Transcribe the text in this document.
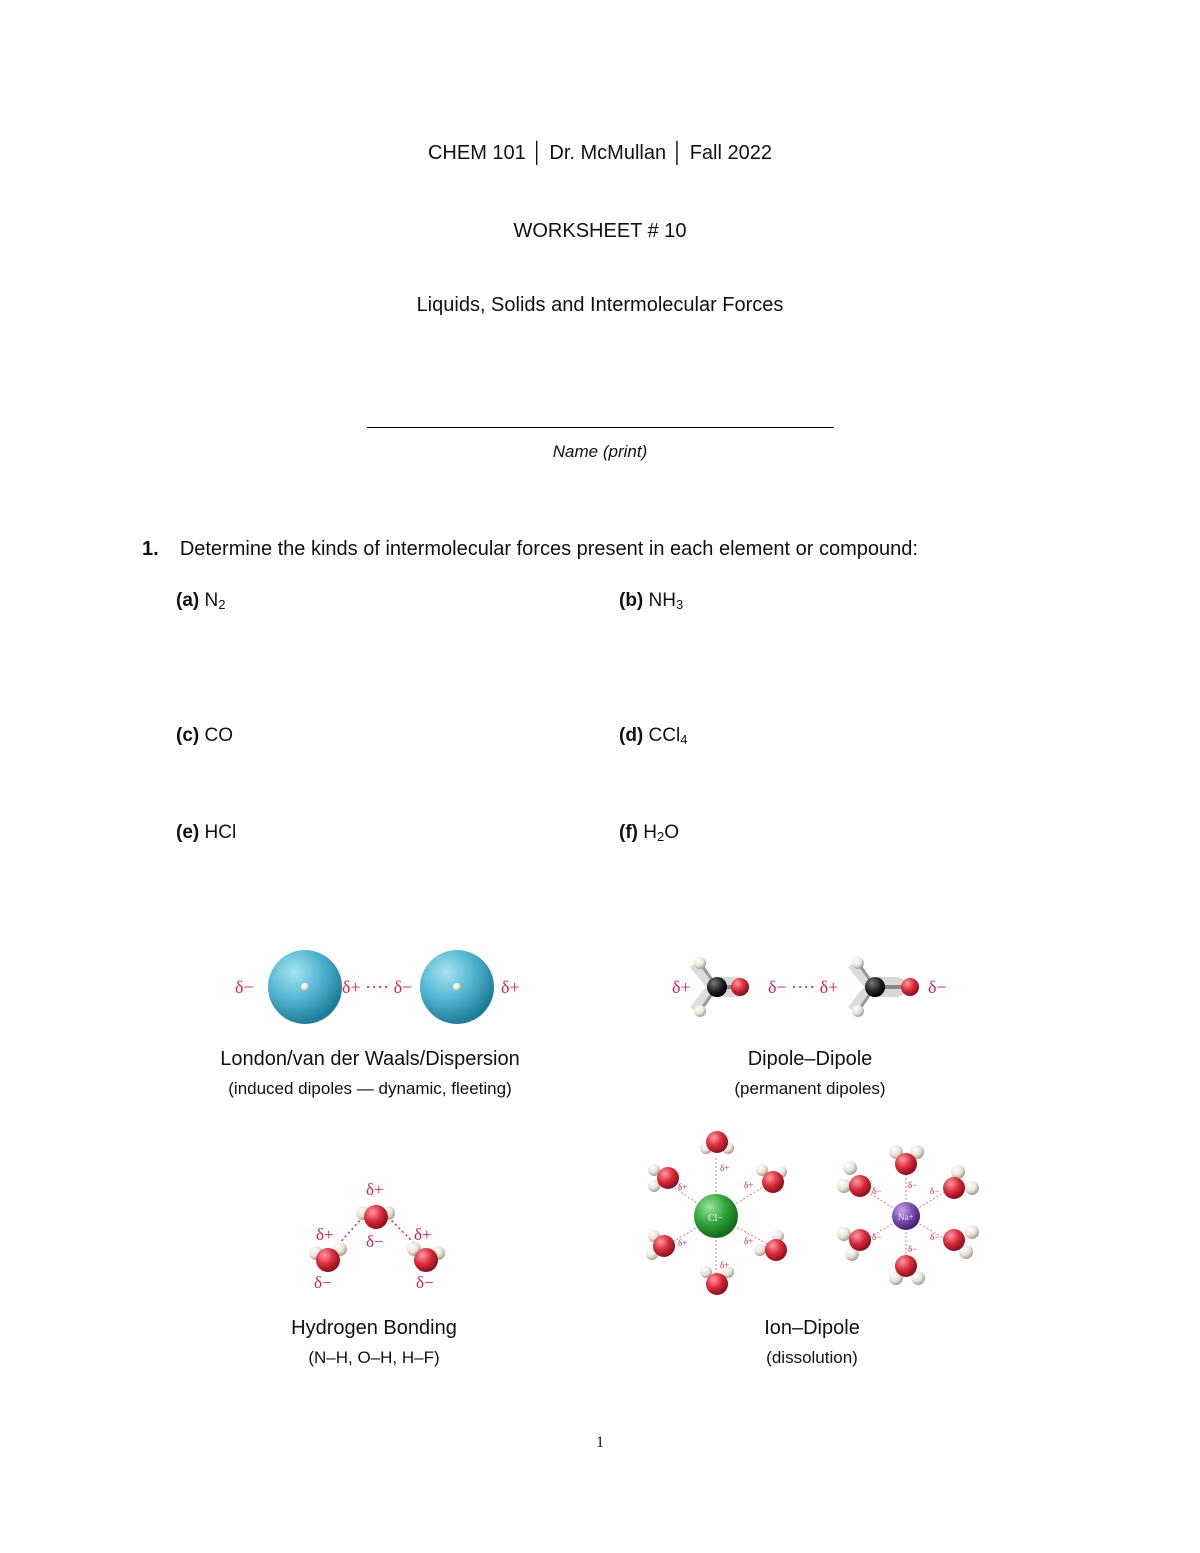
CHEM 101 │ Dr. McMullan │ Fall 2022
WORKSHEET # 10
Liquids, Solids and Intermolecular Forces
Name (print)
1. Determine the kinds of intermolecular forces present in each element or compound:
(a) $N_2$	(b) $NH_3$
(c) CO	(d) CCl$_4$
(e) HCl	(f) $H_2O$
δ−	δ+ ···· δ−	δ+
London/van der Waals/Dispersion
(induced dipoles — dynamic, fleeting)
δ+	δ− ···· δ+	δ−
Dipole–Dipole
(permanent dipoles)
δ+
δ−
δ+
δ−
δ+
δ−
Hydrogen Bonding
(N–H, O–H, H–F)
Cl−
δ+
δ+
δ+	δ+
δ+	δ+
Na+
δ−
δ−
δ−	δ−
δ−	δ−
Ion–Dipole
(dissolution)
1
